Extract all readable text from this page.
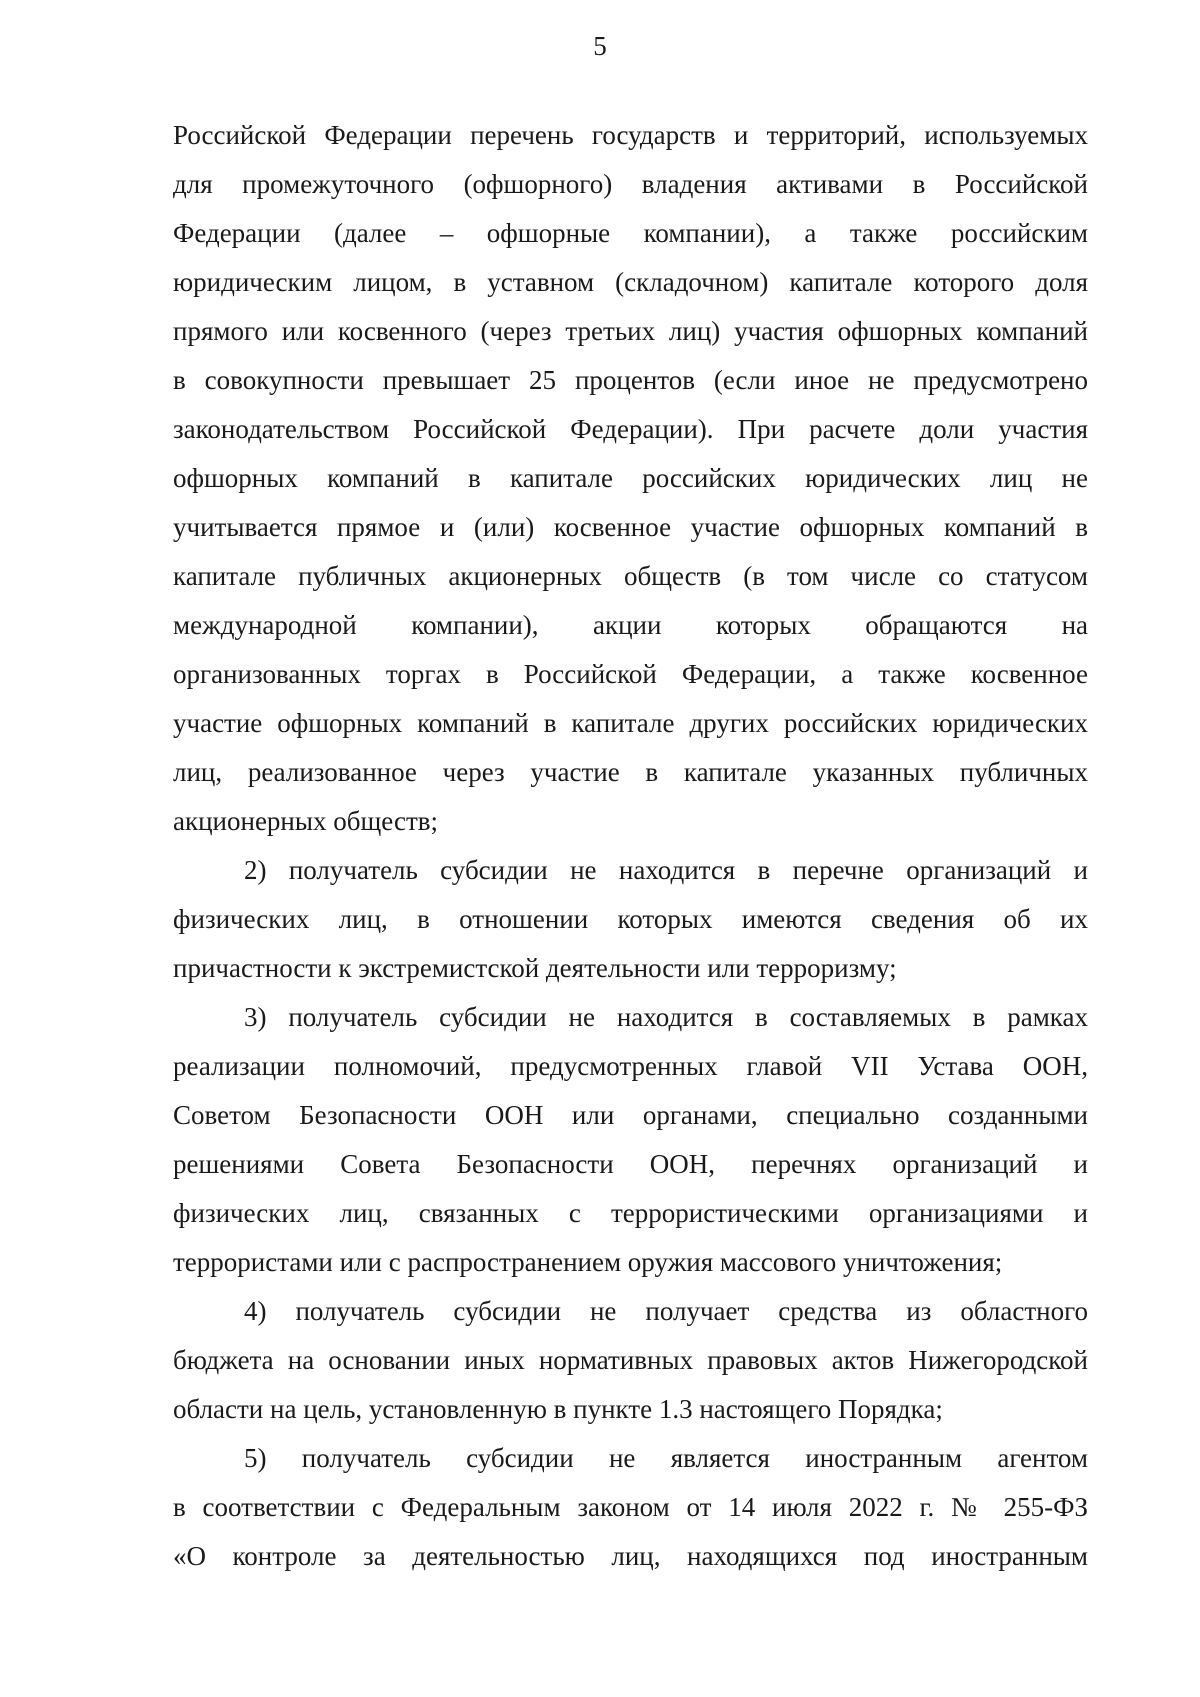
5
Российской Федерации перечень государств и территорий, используемых
для промежуточного (офшорного) владения активами в Российской
Федерации (далее – офшорные компании), а также российским
юридическим лицом, в уставном (складочном) капитале которого доля
прямого или косвенного (через третьих лиц) участия офшорных компаний
в совокупности превышает 25 процентов (если иное не предусмотрено
законодательством Российской Федерации). При расчете доли участия
офшорных компаний в капитале российских юридических лиц не
учитывается прямое и (или) косвенное участие офшорных компаний в
капитале публичных акционерных обществ (в том числе со статусом
международной компании), акции которых обращаются на
организованных торгах в Российской Федерации, а также косвенное
участие офшорных компаний в капитале других российских юридических
лиц, реализованное через участие в капитале указанных публичных
акционерных обществ;
2) получатель субсидии не находится в перечне организаций и
физических лиц, в отношении которых имеются сведения об их
причастности к экстремистской деятельности или терроризму;
3) получатель субсидии не находится в составляемых в рамках
реализации полномочий, предусмотренных главой VII Устава ООН,
Советом Безопасности ООН или органами, специально созданными
решениями Совета Безопасности ООН, перечнях организаций и
физических лиц, связанных с террористическими организациями и
террористами или с распространением оружия массового уничтожения;
4) получатель субсидии не получает средства из областного
бюджета на основании иных нормативных правовых актов Нижегородской
области на цель, установленную в пункте 1.3 настоящего Порядка;
5) получатель субсидии не является иностранным агентом
в соответствии с Федеральным законом от 14 июля 2022 г. № 255-ФЗ
«О контроле за деятельностью лиц, находящихся под иностранным
